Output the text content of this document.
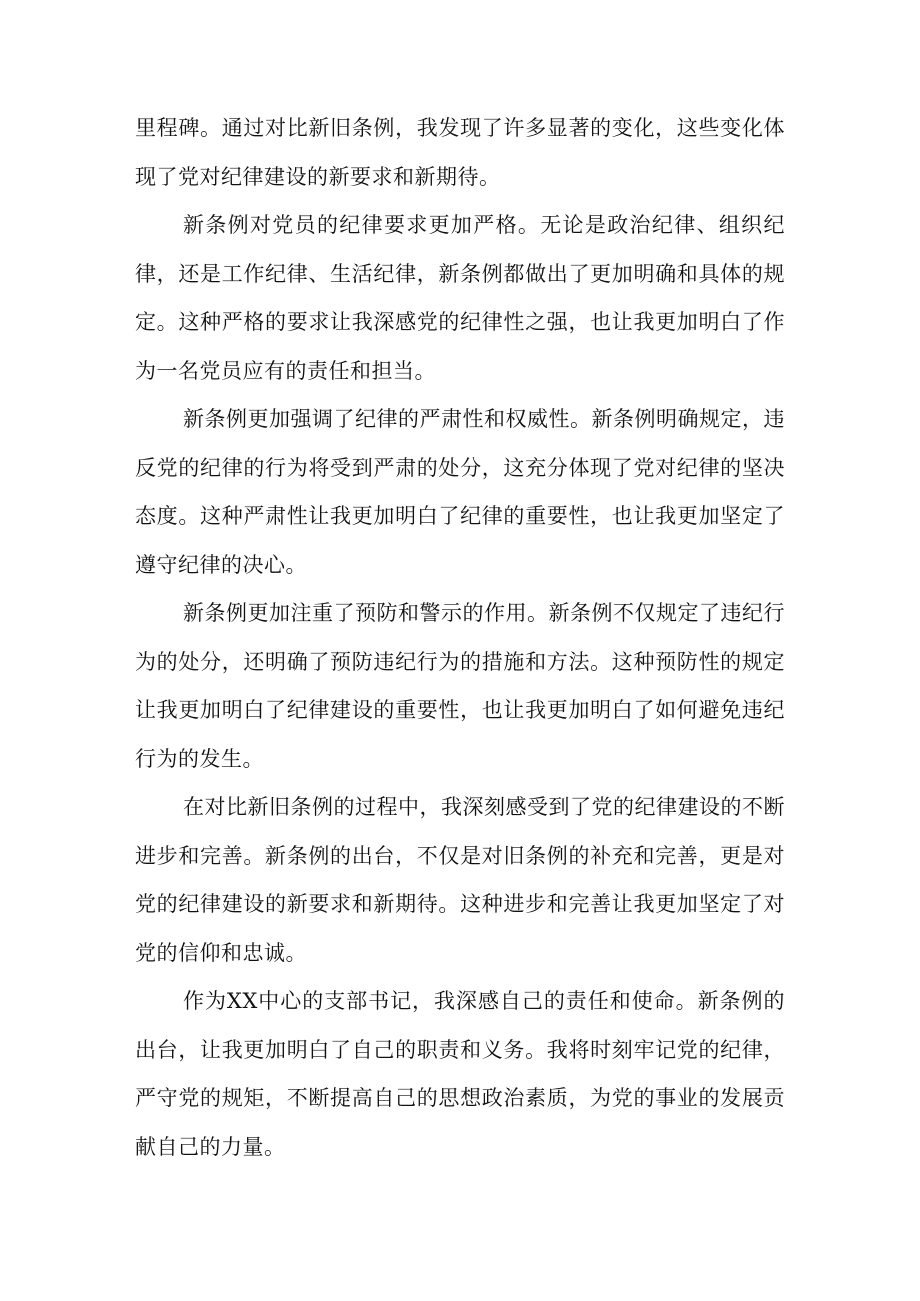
里程碑。通过对比新旧条例，我发现了许多显著的变化，这些变化体现了党对纪律建设的新要求和新期待。

新条例对党员的纪律要求更加严格。无论是政治纪律、组织纪律，还是工作纪律、生活纪律，新条例都做出了更加明确和具体的规定。这种严格的要求让我深感党的纪律性之强，也让我更加明白了作为一名党员应有的责任和担当。

新条例更加强调了纪律的严肃性和权威性。新条例明确规定，违反党的纪律的行为将受到严肃的处分，这充分体现了党对纪律的坚决态度。这种严肃性让我更加明白了纪律的重要性，也让我更加坚定了遵守纪律的决心。

新条例更加注重了预防和警示的作用。新条例不仅规定了违纪行为的处分，还明确了预防违纪行为的措施和方法。这种预防性的规定让我更加明白了纪律建设的重要性，也让我更加明白了如何避免违纪行为的发生。

在对比新旧条例的过程中，我深刻感受到了党的纪律建设的不断进步和完善。新条例的出台，不仅是对旧条例的补充和完善，更是对党的纪律建设的新要求和新期待。这种进步和完善让我更加坚定了对党的信仰和忠诚。

作为XX中心的支部书记，我深感自己的责任和使命。新条例的出台，让我更加明白了自己的职责和义务。我将时刻牢记党的纪律，严守党的规矩，不断提高自己的思想政治素质，为党的事业的发展贡献自己的力量。
